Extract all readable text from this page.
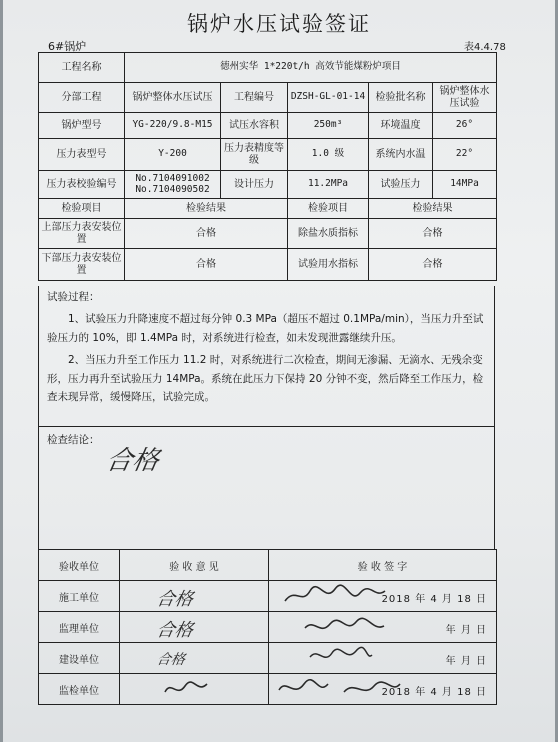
锅炉水压试验签证
6#锅炉	表4.4.78
工程名称	德州实华 1*220t/h 高效节能煤粉炉项目				
分部工程	锅炉整体水压试压	工程编号	DZSH-GL-01-14	检验批名称	锅炉整体水压试验
锅炉型号	YG-220/9.8-M15	试压水容积	250m³	环境温度	26°
压力表型号	Y-200	压力表精度等级	1.0 级	系统内水温	22°
压力表校验编号	No.7104091002
No.7104090502	设计压力	11.2MPa	试验压力	14MPa
检验项目	检验结果		检验项目	检验结果	
上部压力表安装位置	合格		除盐水质指标	合格	
下部压力表安装位置	合格		试验用水指标	合格	
试验过程：

1、试验压力升降速度不超过每分钟 0.3 MPa（超压不超过 0.1MPa/min），当压力升至试验压力的 10%，即 1.4MPa 时，对系统进行检查，如未发现泄露继续升压。

2、当压力升至工作压力 11.2 时，对系统进行二次检查，期间无渗漏、无滴水、无残余变形，压力再升至试验压力 14MPa。系统在此压力下保持 20 分钟不变，然后降至工作压力，检查未现异常，缓慢降压，试验完成。

检查结论：
合格
验收单位	验 收 意 见	验 收 签 字
施工单位	合格	2018 年 4 月 18 日

监理单位	合格	年 月 日

建设单位	合格	年 月 日

监检单位		2018 年 4 月 18 日
